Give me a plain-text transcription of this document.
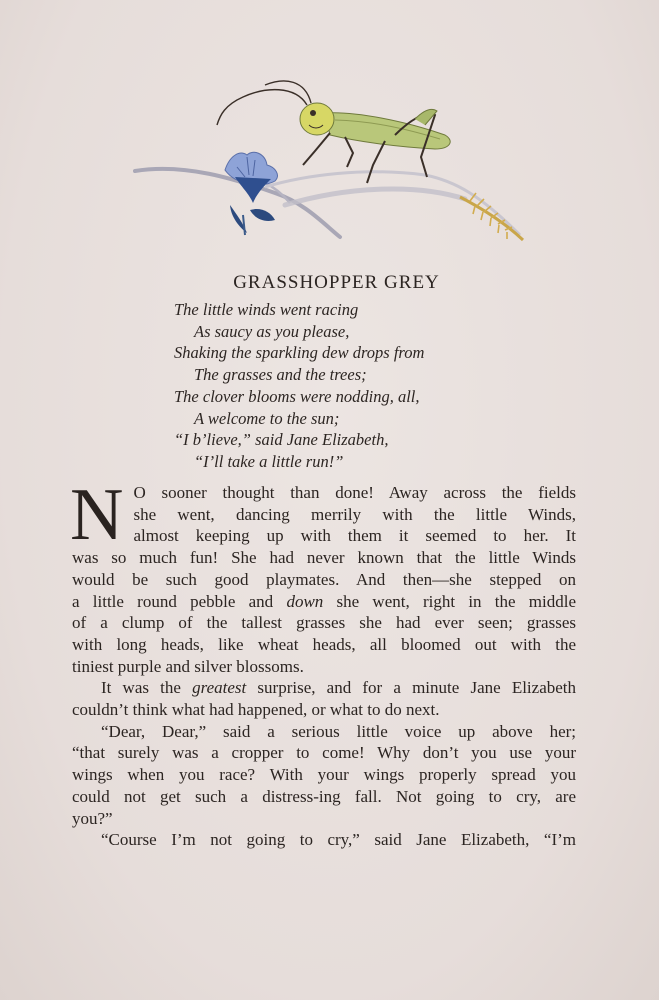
GRASSHOPPER GREY
The little winds went racing
As saucy as you please,
Shaking the sparkling dew drops from
The grasses and the trees;
The clover blooms were nodding, all,
A welcome to the sun;
“I b’lieve,” said Jane Elizabeth,
“I’ll take a little run!”
N O sooner thought than done! Away across the fields
she went, dancing merrily with the little Winds,
almost keeping up with them it seemed to her. It
was so much fun! She had never known that the little Winds
would be such good playmates. And then—she stepped on
a little round pebble and down she went, right in the middle
of a clump of the tallest grasses she had ever seen; grasses
with long heads, like wheat heads, all bloomed out with the
tiniest purple and silver blossoms.
It was the greatest surprise, and for a minute Jane Elizabeth
couldn’t think what had happened, or what to do next.
“Dear, Dear,” said a serious little voice up above her;
“that surely was a cropper to come! Why don’t you use your
wings when you race? With your wings properly spread you
could not get such a distress-ing fall. Not going to cry, are
you?”
“Course I’m not going to cry,” said Jane Elizabeth, “I’m
